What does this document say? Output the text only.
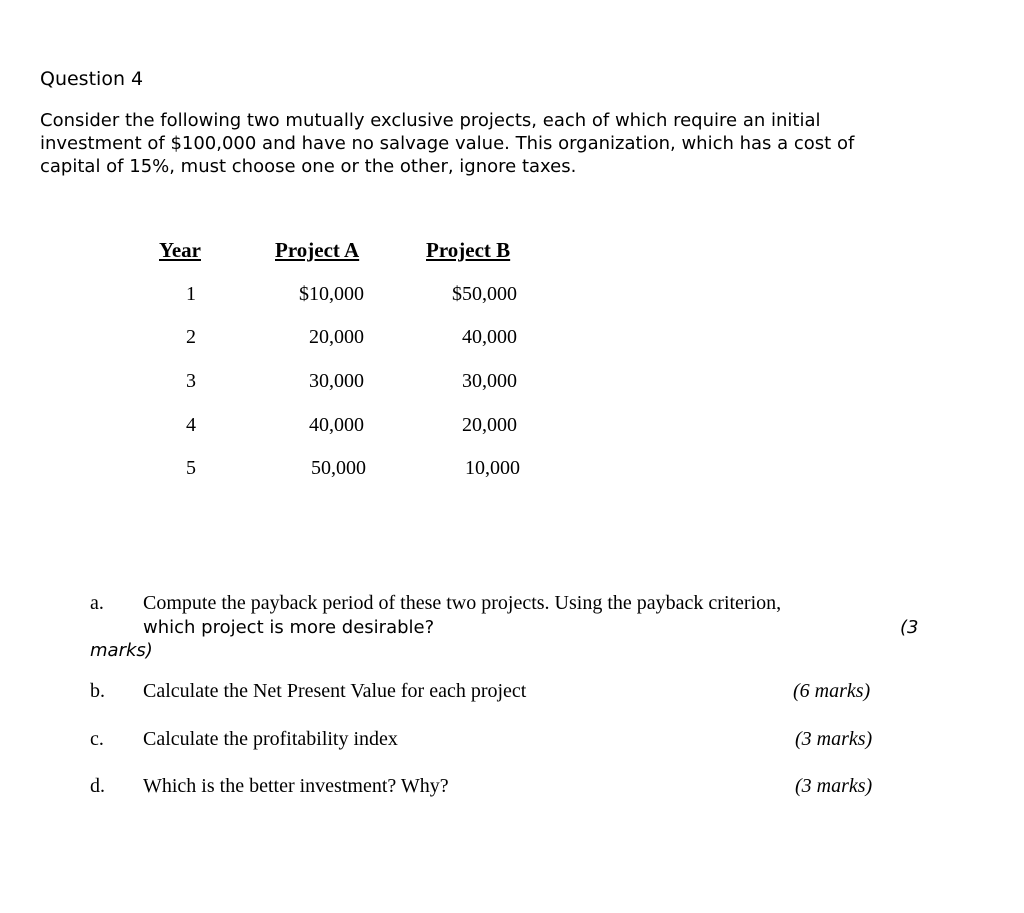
Question 4
Consider the following two mutually exclusive projects, each of which require an initial
investment of $100,000 and have no salvage value. This organization, which has a cost of
capital of 15%, must choose one or the other, ignore taxes.
Year	Project A	Project B
1	$10,000	$50,000
2	20,000	40,000
3	30,000	30,000
4	40,000	20,000
5	50,000	10,000
a. Compute the payback period of these two projects. Using the payback criterion,
which project is more desirable?	(3
marks)
b. Calculate the Net Present Value for each project	(6 marks)
c. Calculate the profitability index	(3 marks)
d. Which is the better investment? Why?	(3 marks)
